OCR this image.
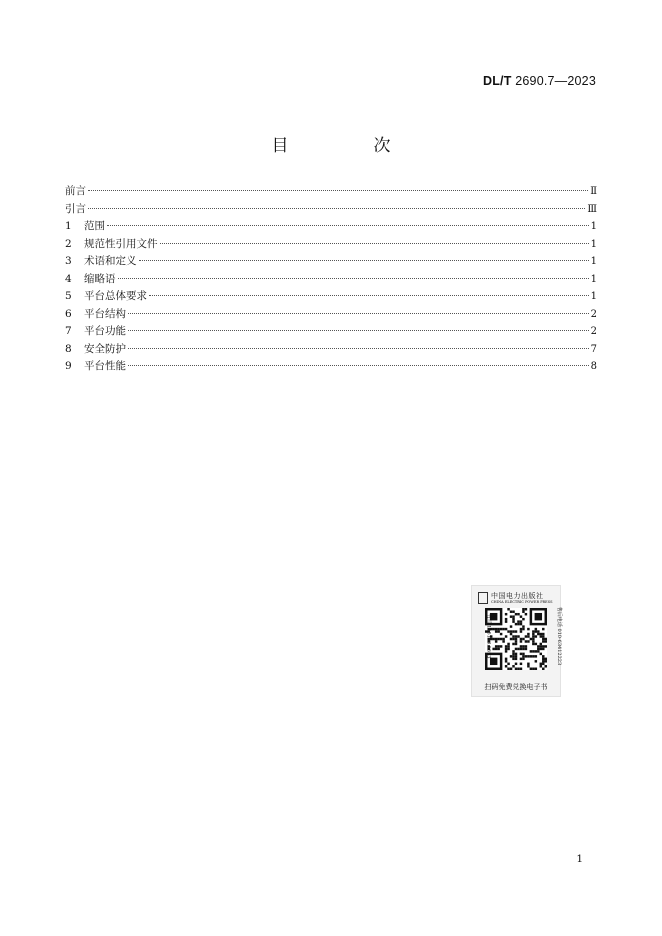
DL/T 2690.7—2023
目　次
前言	Ⅱ
引言	Ⅲ
1	范围	1
2	规范性引用文件	1
3	术语和定义	1
4	缩略语	1
5	平台总体要求	1
6	平台结构	2
7	平台功能	2
8	安全防护	7
9	平台性能	8
中国电力出版社
CHINA ELECTRIC POWER PRESS
书号 155198.5593	售后电话 010-63412223
扫码免费兑换电子书
1
